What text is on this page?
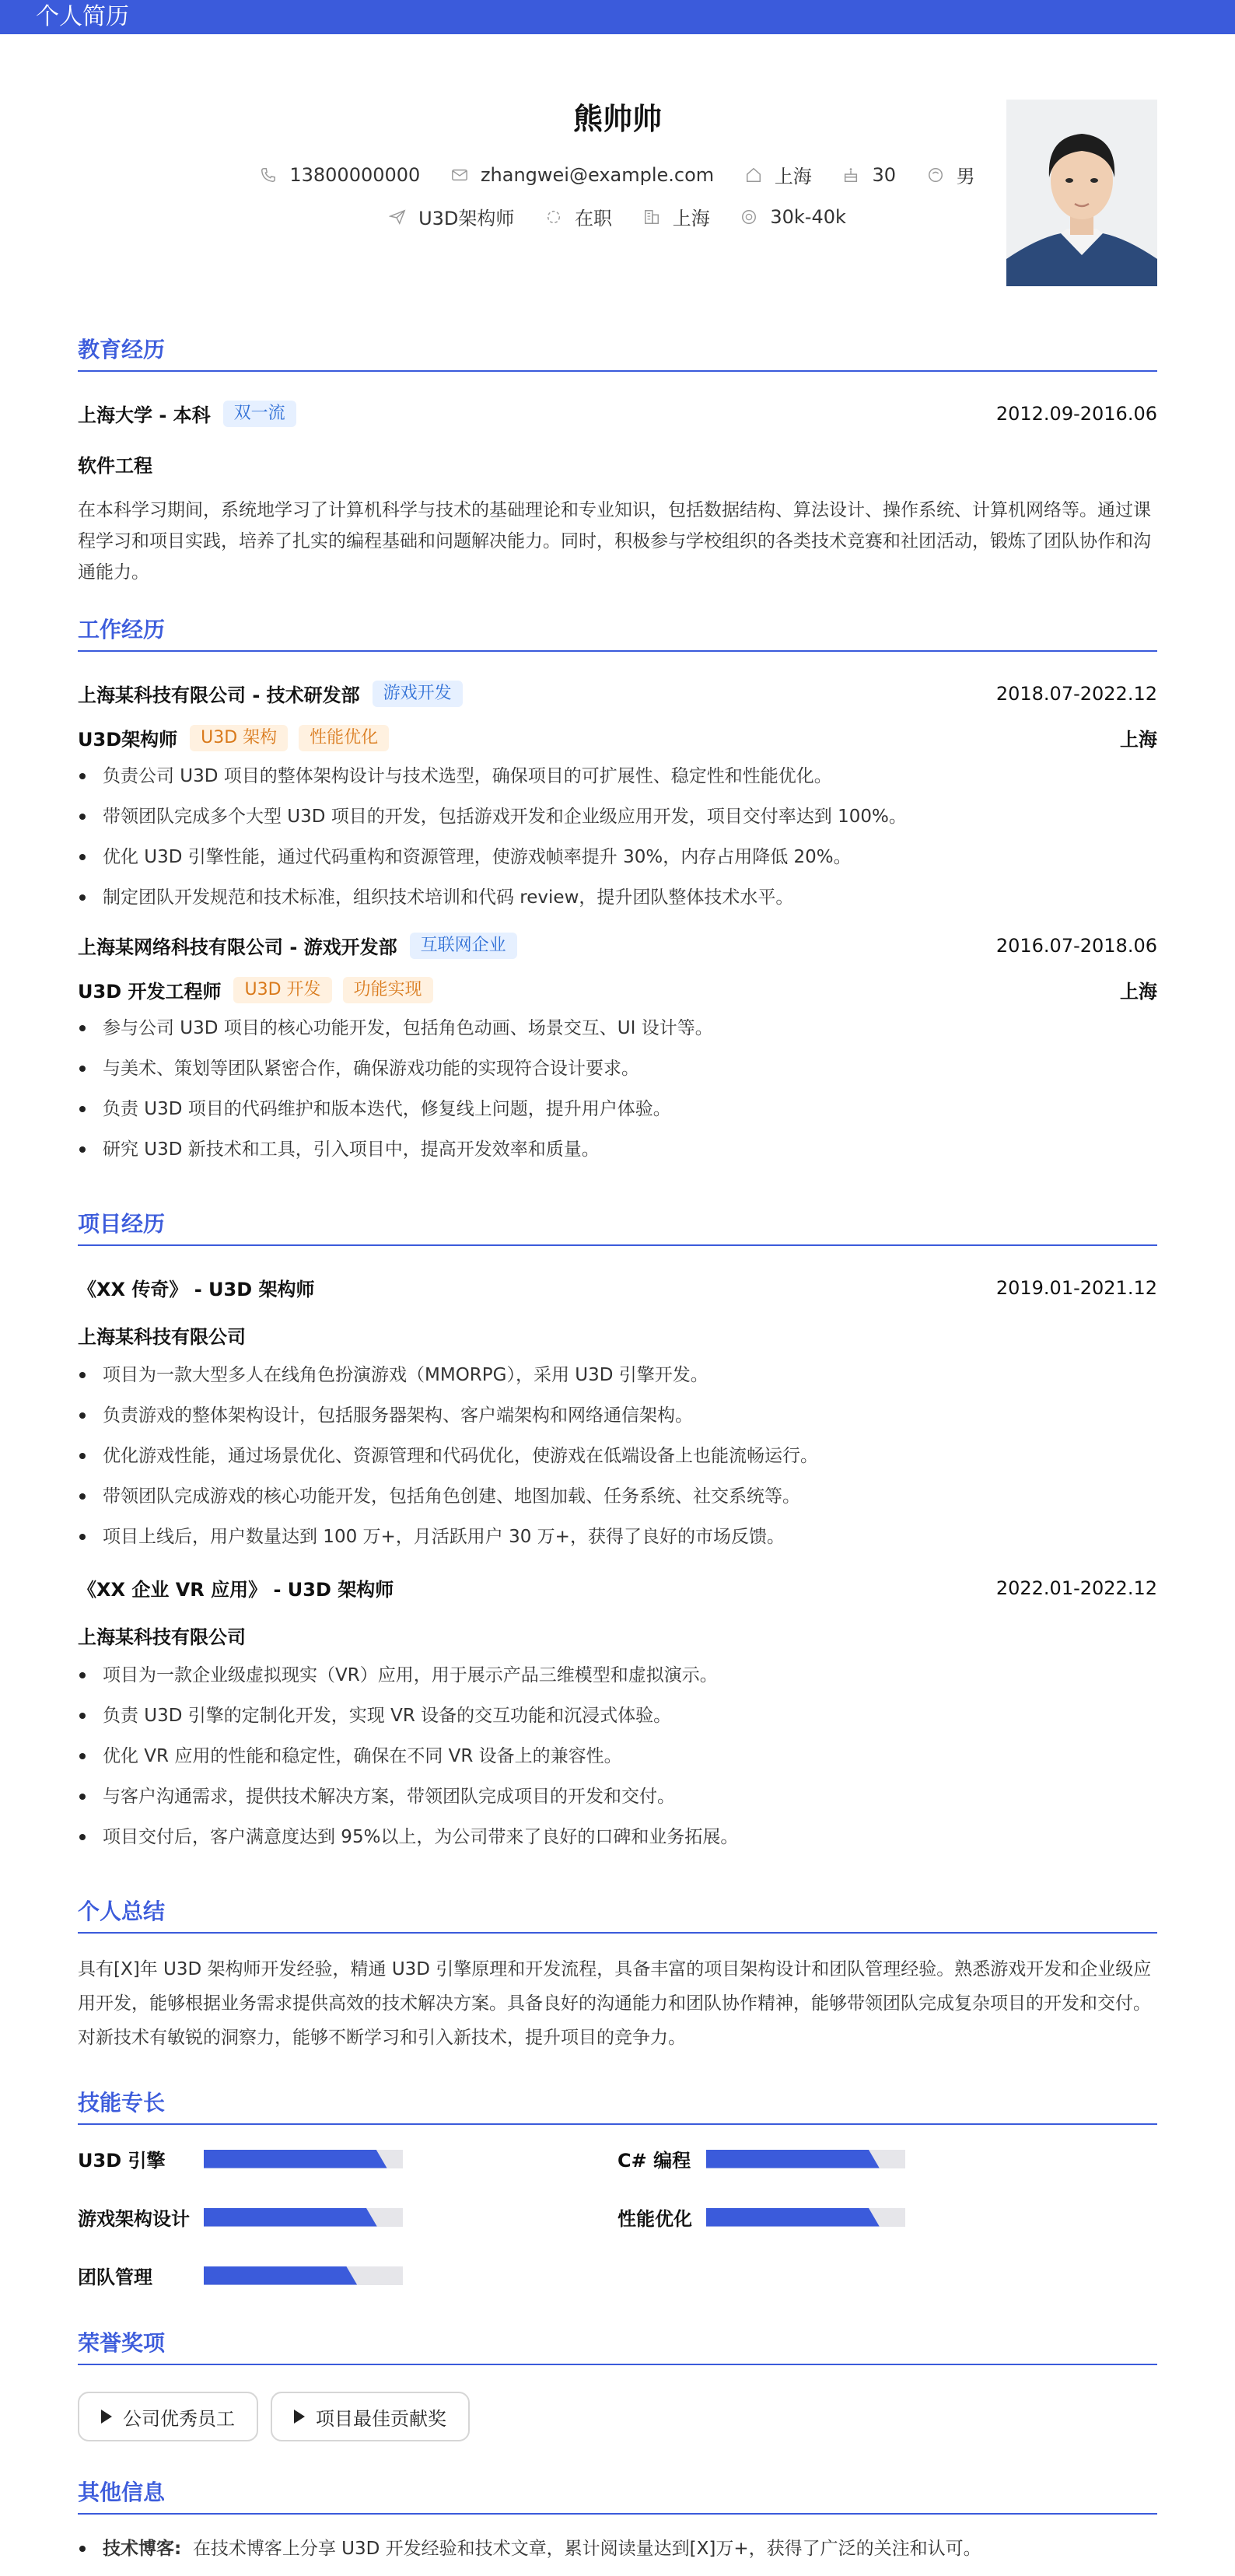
个人简历
熊帅帅
13800000000
	zhangwei@example.com
	上海
	30
	男
U3D架构师
	在职
	上海
	30k-40k
教育经历
上海大学 - 本科	双一流	2012.09-2016.06
软件工程
在本科学习期间，系统地学习了计算机科学与技术的基础理论和专业知识，包括数据结构、算法设计、操作系统、计算机网络等。通过课程学习和项目实践，培养了扎实的编程基础和问题解决能力。同时，积极参与学校组织的各类技术竞赛和社团活动，锻炼了团队协作和沟通能力。
工作经历
上海某科技有限公司 - 技术研发部	游戏开发	2018.07-2022.12
U3D架构师	U3D 架构	性能优化	上海
负责公司 U3D 项目的整体架构设计与技术选型，确保项目的可扩展性、稳定性和性能优化。
带领团队完成多个大型 U3D 项目的开发，包括游戏开发和企业级应用开发，项目交付率达到 100%。
优化 U3D 引擎性能，通过代码重构和资源管理，使游戏帧率提升 30%，内存占用降低 20%。
制定团队开发规范和技术标准，组织技术培训和代码 review，提升团队整体技术水平。
上海某网络科技有限公司 - 游戏开发部	互联网企业	2016.07-2018.06
U3D 开发工程师	U3D 开发	功能实现	上海
参与公司 U3D 项目的核心功能开发，包括角色动画、场景交互、UI 设计等。
与美术、策划等团队紧密合作，确保游戏功能的实现符合设计要求。
负责 U3D 项目的代码维护和版本迭代，修复线上问题，提升用户体验。
研究 U3D 新技术和工具，引入项目中，提高开发效率和质量。
项目经历
《XX 传奇》 - U3D 架构师	2019.01-2021.12
上海某科技有限公司
项目为一款大型多人在线角色扮演游戏（MMORPG），采用 U3D 引擎开发。
负责游戏的整体架构设计，包括服务器架构、客户端架构和网络通信架构。
优化游戏性能，通过场景优化、资源管理和代码优化，使游戏在低端设备上也能流畅运行。
带领团队完成游戏的核心功能开发，包括角色创建、地图加载、任务系统、社交系统等。
项目上线后，用户数量达到 100 万+，月活跃用户 30 万+，获得了良好的市场反馈。
《XX 企业 VR 应用》 - U3D 架构师	2022.01-2022.12
上海某科技有限公司
项目为一款企业级虚拟现实（VR）应用，用于展示产品三维模型和虚拟演示。
负责 U3D 引擎的定制化开发，实现 VR 设备的交互功能和沉浸式体验。
优化 VR 应用的性能和稳定性，确保在不同 VR 设备上的兼容性。
与客户沟通需求，提供技术解决方案，带领团队完成项目的开发和交付。
项目交付后，客户满意度达到 95%以上，为公司带来了良好的口碑和业务拓展。
个人总结
具有[X]年 U3D 架构师开发经验，精通 U3D 引擎原理和开发流程，具备丰富的项目架构设计和团队管理经验。熟悉游戏开发和企业级应用开发，能够根据业务需求提供高效的技术解决方案。具备良好的沟通能力和团队协作精神，能够带领团队完成复杂项目的开发和交付。对新技术有敏锐的洞察力，能够不断学习和引入新技术，提升项目的竞争力。
技能专长
U3D 引擎	C# 编程
游戏架构设计	性能优化
团队管理
荣誉奖项
公司优秀员工	项目最佳贡献奖
其他信息
技术博客: 在技术博客上分享 U3D 开发经验和技术文章，累计阅读量达到[X]万+，获得了广泛的关注和认可。
